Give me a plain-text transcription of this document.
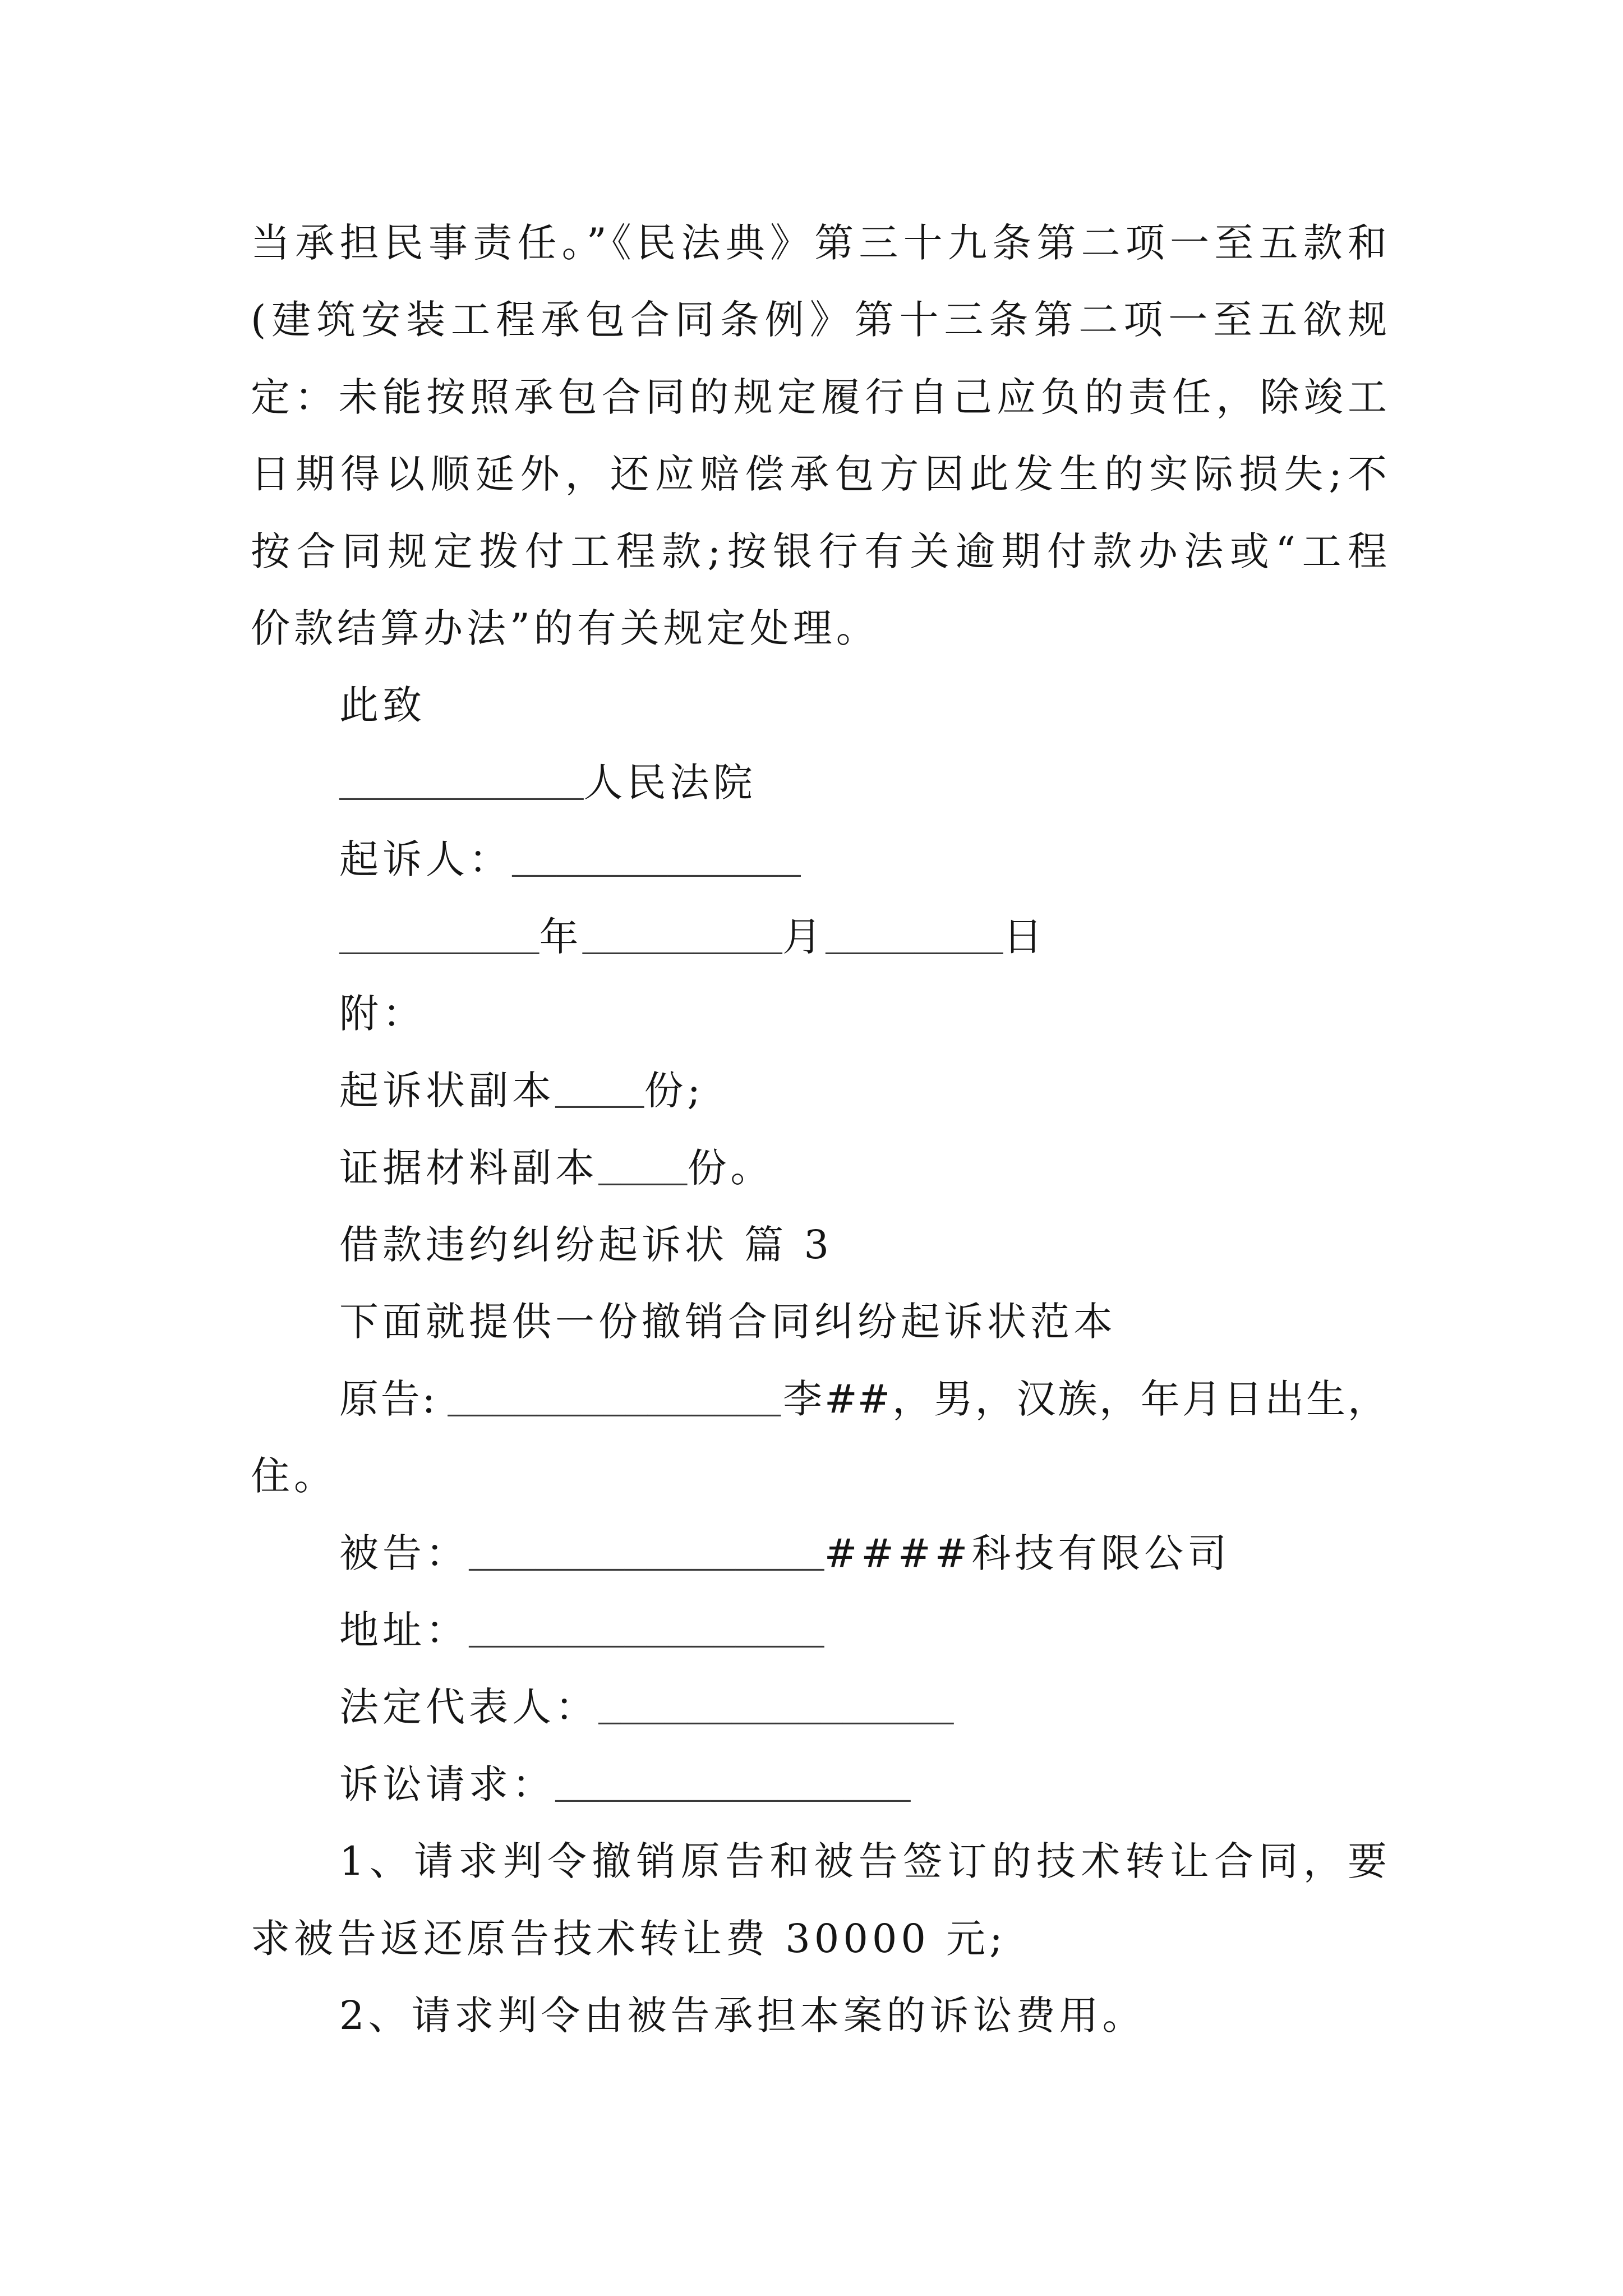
当承担民事责任。”《民法典》第三十九条第二项一至五款和
(建筑安装工程承包合同条例》第十三条第二项一至五欲规
定：未能按照承包合同的规定履行自己应负的责任，除竣工
日期得以顺延外，还应赔偿承包方因此发生的实际损失;不
按合同规定拨付工程款;按银行有关逾期付款办法或“工程
价款结算办法”的有关规定处理。
此致
___________人民法院
起诉人：_____________
_________年_________月________日
附：
起诉状副本____份;
证据材料副本____份。
借款违约纠纷起诉状 篇 3
下面就提供一份撤销合同纠纷起诉状范本
原告: _______________李##，男，汉族，年月日出生，
住。
被告：________________####科技有限公司
地址：________________
法定代表人：________________
诉讼请求：________________
1、请求判令撤销原告和被告签订的技术转让合同，要
求被告返还原告技术转让费 30000 元;
2、请求判令由被告承担本案的诉讼费用。
